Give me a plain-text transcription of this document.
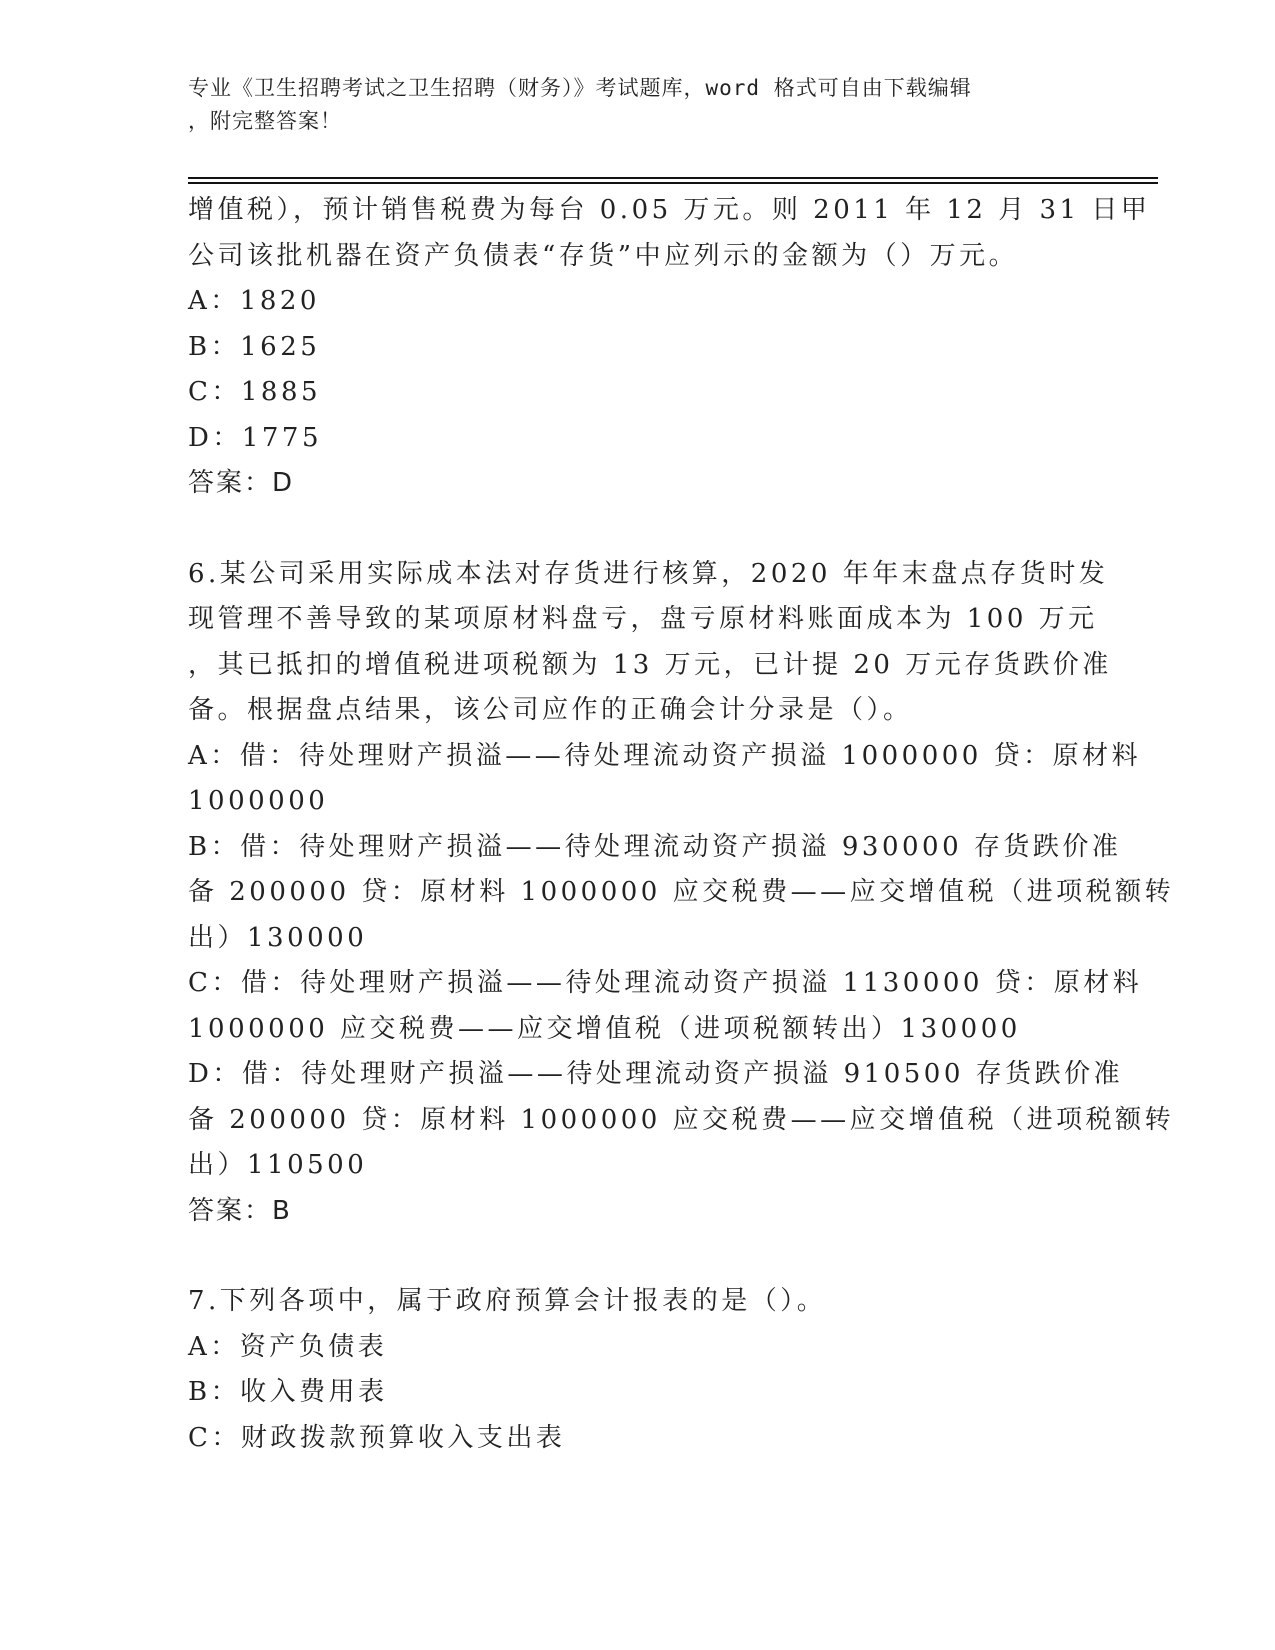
专业《卫生招聘考试之卫生招聘（财务）》考试题库，word 格式可自由下载编辑
，附完整答案！
增值税），预计销售税费为每台 0.05 万元。则 2011 年 12 月 31 日甲
公司该批机器在资产负债表“存货”中应列示的金额为（）万元。
A：1820
B：1625
C：1885
D：1775
答案：D
6.某公司采用实际成本法对存货进行核算，2020 年年末盘点存货时发
现管理不善导致的某项原材料盘亏，盘亏原材料账面成本为 100 万元
，其已抵扣的增值税进项税额为 13 万元，已计提 20 万元存货跌价准
备。根据盘点结果，该公司应作的正确会计分录是（）。
A：借：待处理财产损溢——待处理流动资产损溢 1000000 贷：原材料
1000000
B：借：待处理财产损溢——待处理流动资产损溢 930000 存货跌价准
备 200000 贷：原材料 1000000 应交税费——应交增值税（进项税额转
出）130000
C：借：待处理财产损溢——待处理流动资产损溢 1130000 贷：原材料
1000000 应交税费——应交增值税（进项税额转出）130000
D：借：待处理财产损溢——待处理流动资产损溢 910500 存货跌价准
备 200000 贷：原材料 1000000 应交税费——应交增值税（进项税额转
出）110500
答案：B
7.下列各项中，属于政府预算会计报表的是（）。
A：资产负债表
B：收入费用表
C：财政拨款预算收入支出表
